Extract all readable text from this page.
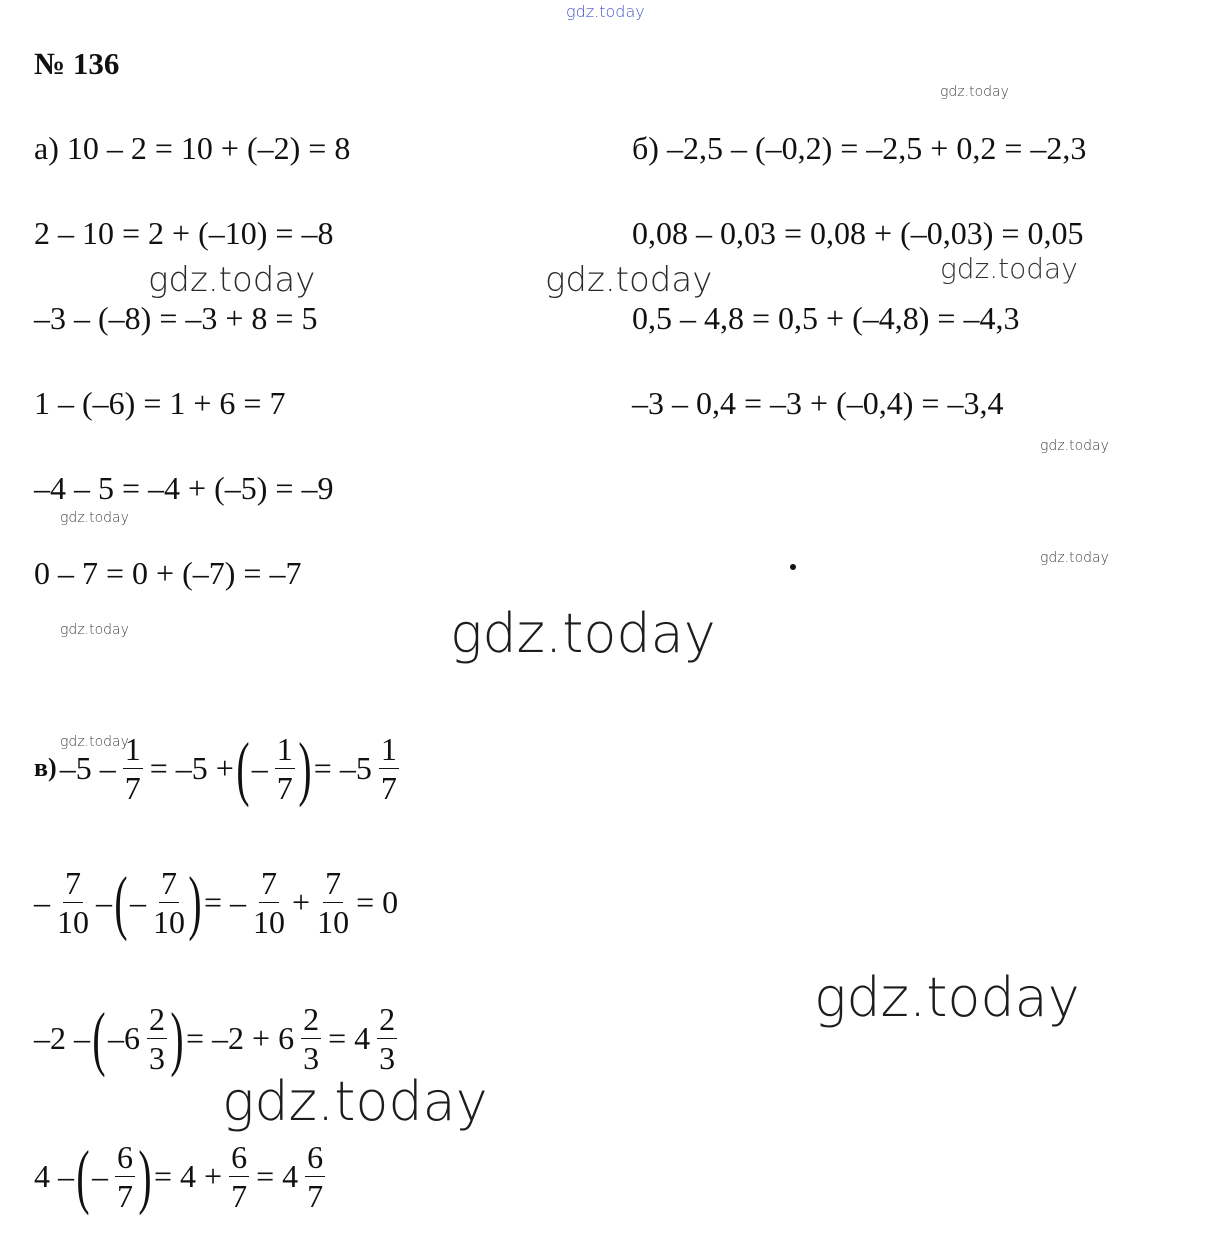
gdz.today
gdz.today
gdz.today	gdz.today	gdz.today
gdz.today
gdz.today
gdz.today
gdz.today	gdz.today
gdz.today
gdz.today
gdz.today
№ 136
а) 10 – 2 = 10 + (–2) = 8
2 – 10 = 2 + (–10) = –8
–3 – (–8) = –3 + 8 = 5
1 – (–6) = 1 + 6 = 7
–4 – 5 = –4 + (–5) = –9
0 – 7 = 0 + (–7) = –7
б) –2,5 – (–0,2) = –2,5 + 0,2 = –2,3
0,08 – 0,03 = 0,08 + (–0,03) = 0,05
0,5 – 4,8 = 0,5 + (–4,8) = –4,3
–3 – 0,4 = –3 + (–0,4) = –3,4
в) $-5 - \frac{1}{7} = -5$ + ( – $\frac{1}{7}$ ) = $-5 \frac{1}{7}$
– $\frac{7}{10}$ – ( – $\frac{7}{10}$ ) = – $\frac{7}{10} + \frac{7}{10} = 0$
–2 – ( $-6 \frac{2}{3}$ ) = $-2 + 6 \frac{2}{3} = 4 \frac{2}{3}$
4 – ( – $\frac{6}{7}$ ) = $4 + \frac{6}{7} = 4 \frac{6}{7}$
